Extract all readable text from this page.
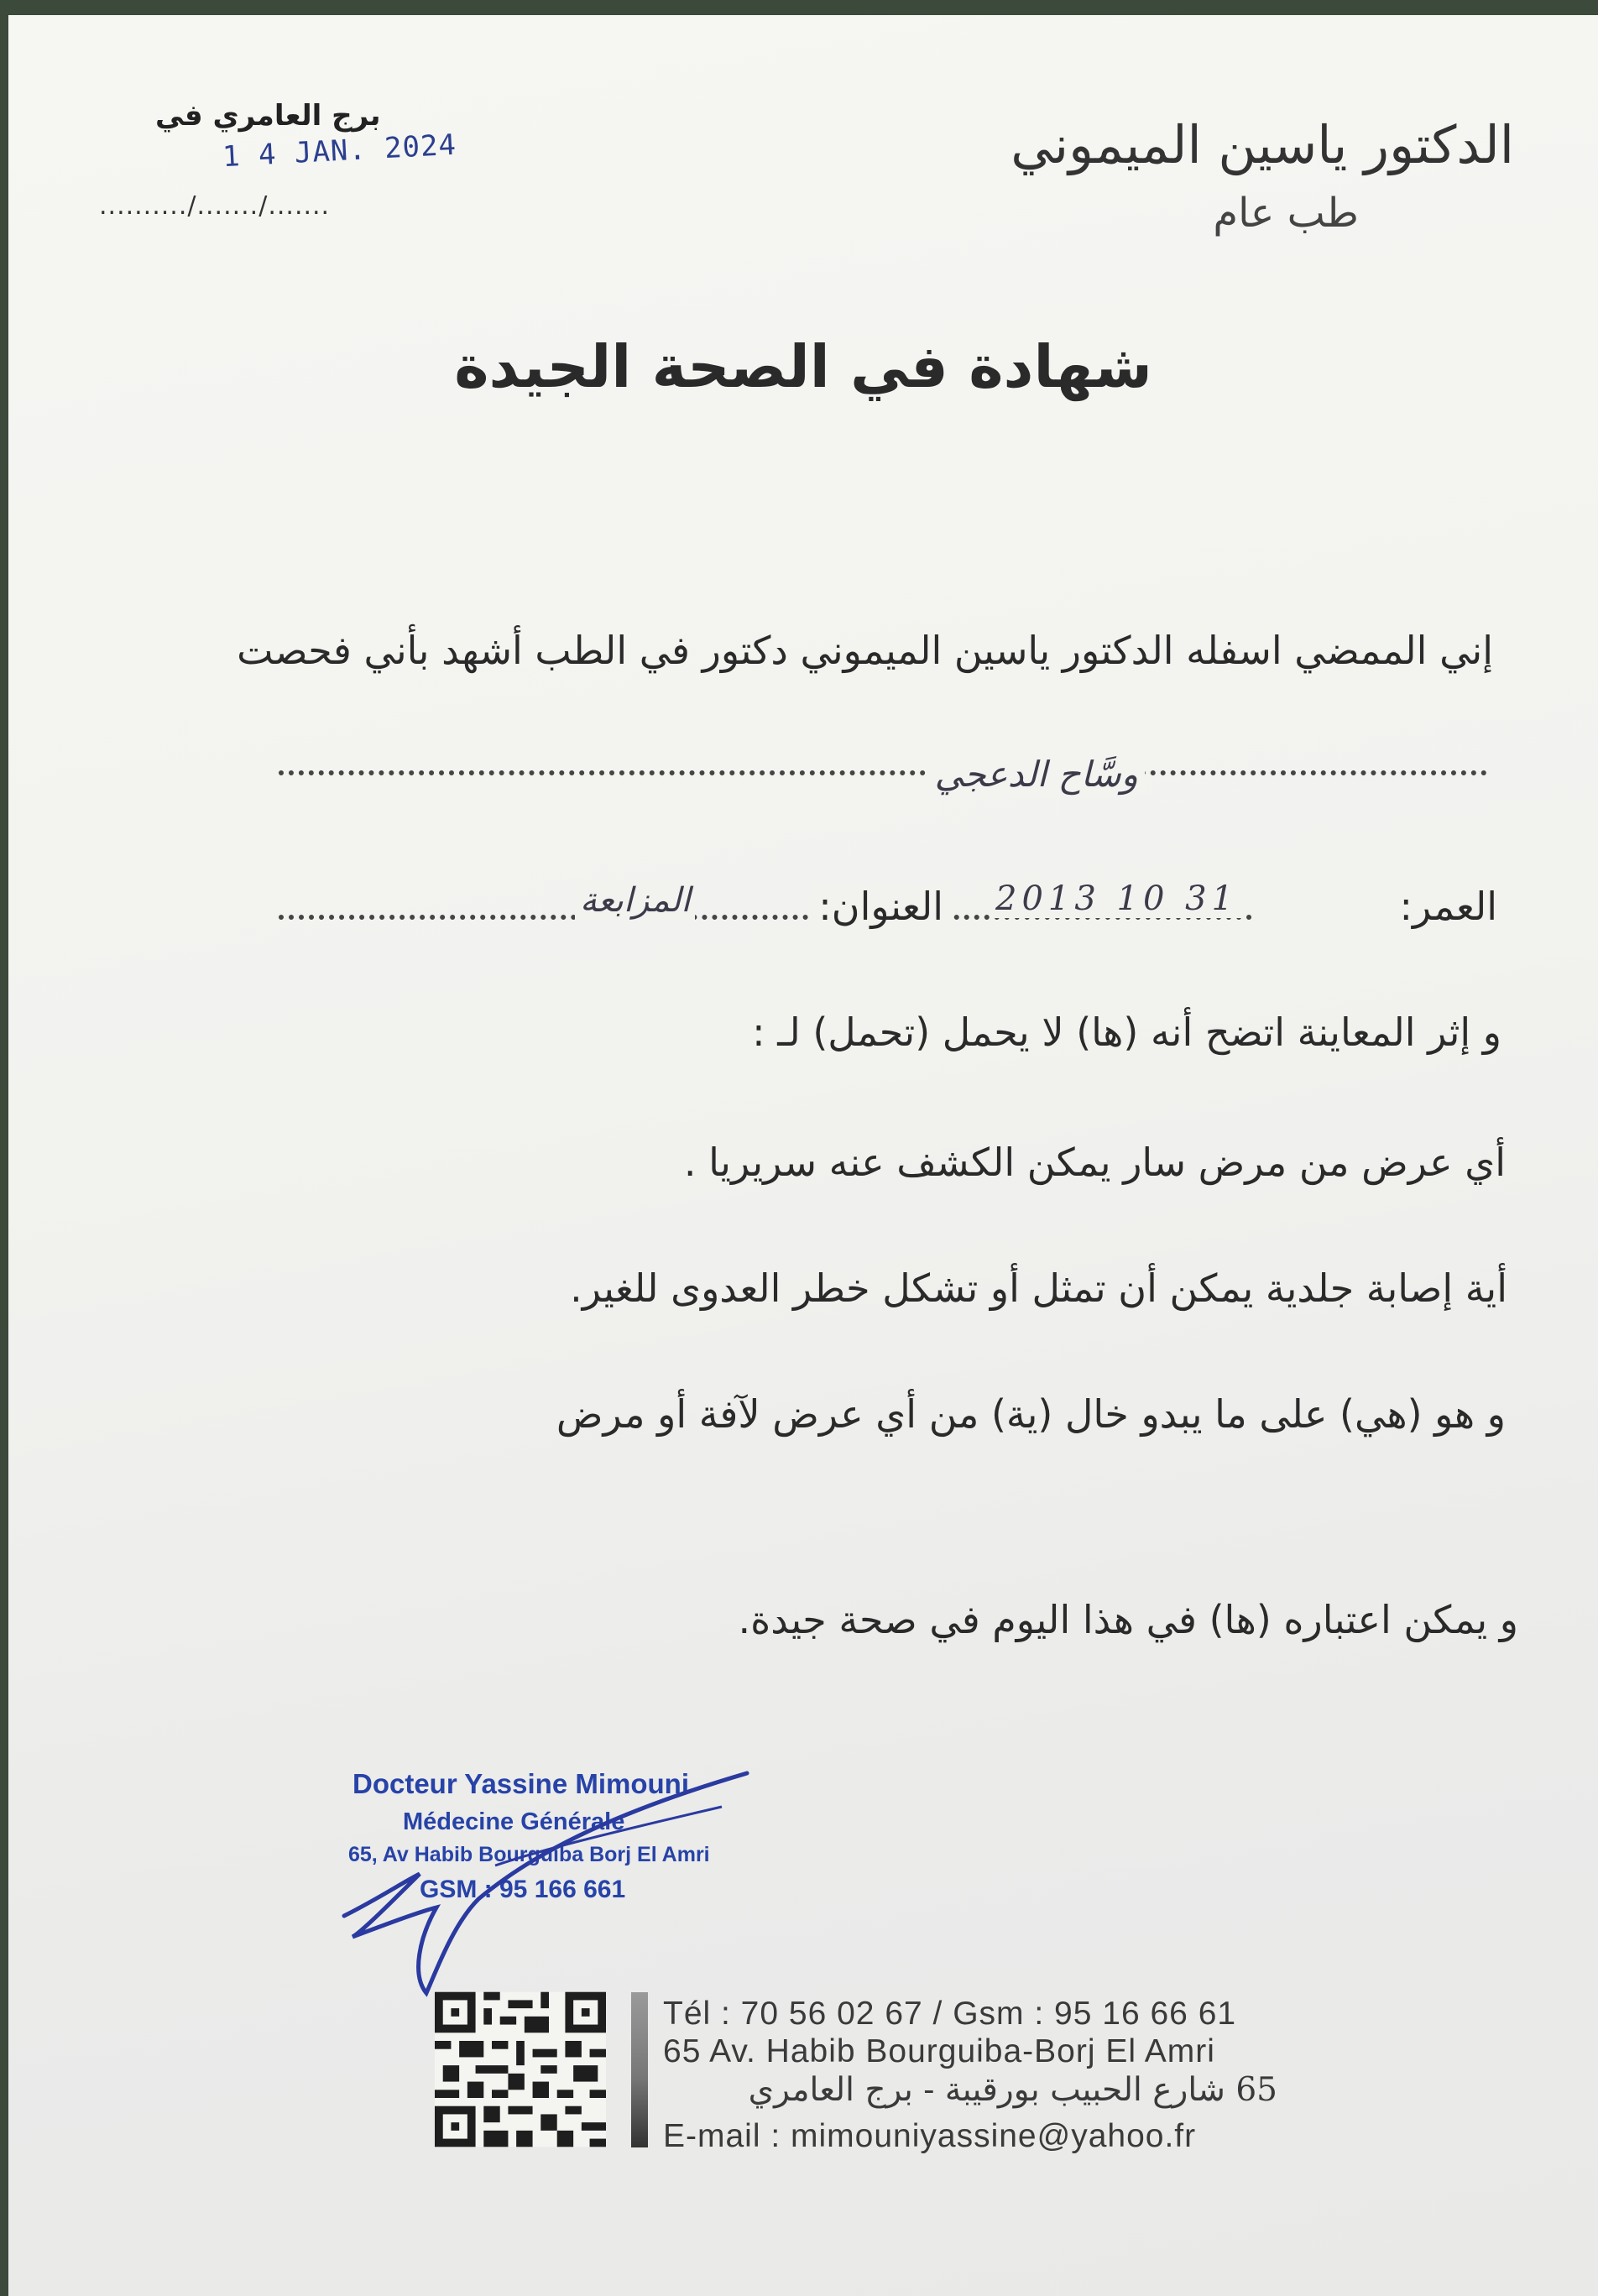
الدكتور ياسين الميموني
طب عام
برج العامري في
1 4 JAN. 2024
........../......./.......
شهادة في الصحة الجيدة
إني الممضي اسفله الدكتور ياسين الميموني دكتور في الطب أشهد بأني فحصت
وسَّاح الدعجي
العمر:
2013 10 31
العنوان:
المزابعة
و إثر المعاينة اتضح أنه (ها) لا يحمل (تحمل) لـ :
أي عرض من مرض سار يمكن الكشف عنه سريريا .
أية إصابة جلدية يمكن أن تمثل أو تشكل خطر العدوى للغير.
و هو (هي) على ما يبدو خال (ية) من أي عرض لآفة أو مرض
و يمكن اعتباره (ها) في هذا اليوم في صحة جيدة.
Docteur Yassine Mimouni
Médecine Générale
65, Av Habib Bourguiba Borj El Amri
GSM : 95 166 661
Tél : 70 56 02 67 / Gsm : 95 16 66 61
65 Av. Habib Bourguiba-Borj El Amri
65 شارع الحبيب بورقيبة - برج العامري
E-mail : mimouniyassine@yahoo.fr
